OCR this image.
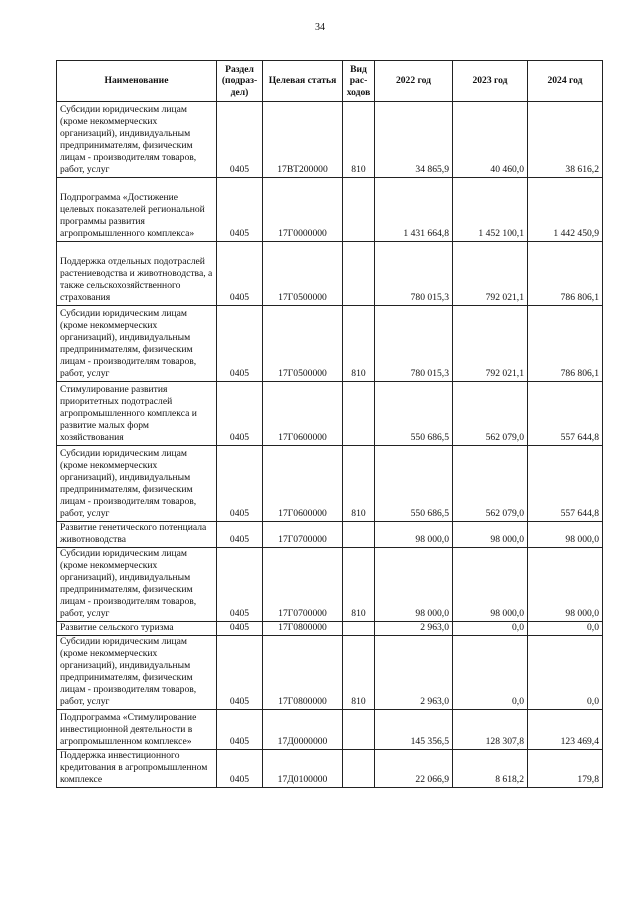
34
Наименование	Раздел (подраз-дел)	Целевая статья	Вид рас-ходов	2022 год	2023 год	2024 год
Субсидии юридическим лицам (кроме некоммерческих организаций), индивидуальным предпринимателям, физическим лицам - производителям товаров, работ, услуг	0405	17ВТ200000	810	34 865,9	40 460,0	38 616,2
Подпрограмма «Достижение целевых показателей региональной программы развития агропромышленного комплекса»	0405	17Г0000000		1 431 664,8	1 452 100,1	1 442 450,9
Поддержка отдельных подотраслей растениеводства и животноводства, а также сельскохозяйственного страхования	0405	17Г0500000		780 015,3	792 021,1	786 806,1
Субсидии юридическим лицам (кроме некоммерческих организаций), индивидуальным предпринимателям, физическим лицам - производителям товаров, работ, услуг	0405	17Г0500000	810	780 015,3	792 021,1	786 806,1
Стимулирование развития приоритетных подотраслей агропромышленного комплекса и развитие малых форм хозяйствования	0405	17Г0600000		550 686,5	562 079,0	557 644,8
Субсидии юридическим лицам (кроме некоммерческих организаций), индивидуальным предпринимателям, физическим лицам - производителям товаров, работ, услуг	0405	17Г0600000	810	550 686,5	562 079,0	557 644,8
Развитие генетического потенциала животноводства	0405	17Г0700000		98 000,0	98 000,0	98 000,0
Субсидии юридическим лицам (кроме некоммерческих организаций), индивидуальным предпринимателям, физическим лицам - производителям товаров, работ, услуг	0405	17Г0700000	810	98 000,0	98 000,0	98 000,0
Развитие сельского туризма	0405	17Г0800000		2 963,0	0,0	0,0
Субсидии юридическим лицам (кроме некоммерческих организаций), индивидуальным предпринимателям, физическим лицам - производителям товаров, работ, услуг	0405	17Г0800000	810	2 963,0	0,0	0,0
Подпрограмма «Стимулирование инвестиционной деятельности в агропромышленном комплексе»	0405	17Д0000000		145 356,5	128 307,8	123 469,4
Поддержка инвестиционного кредитования в агропромышленном комплексе	0405	17Д0100000		22 066,9	8 618,2	179,8
